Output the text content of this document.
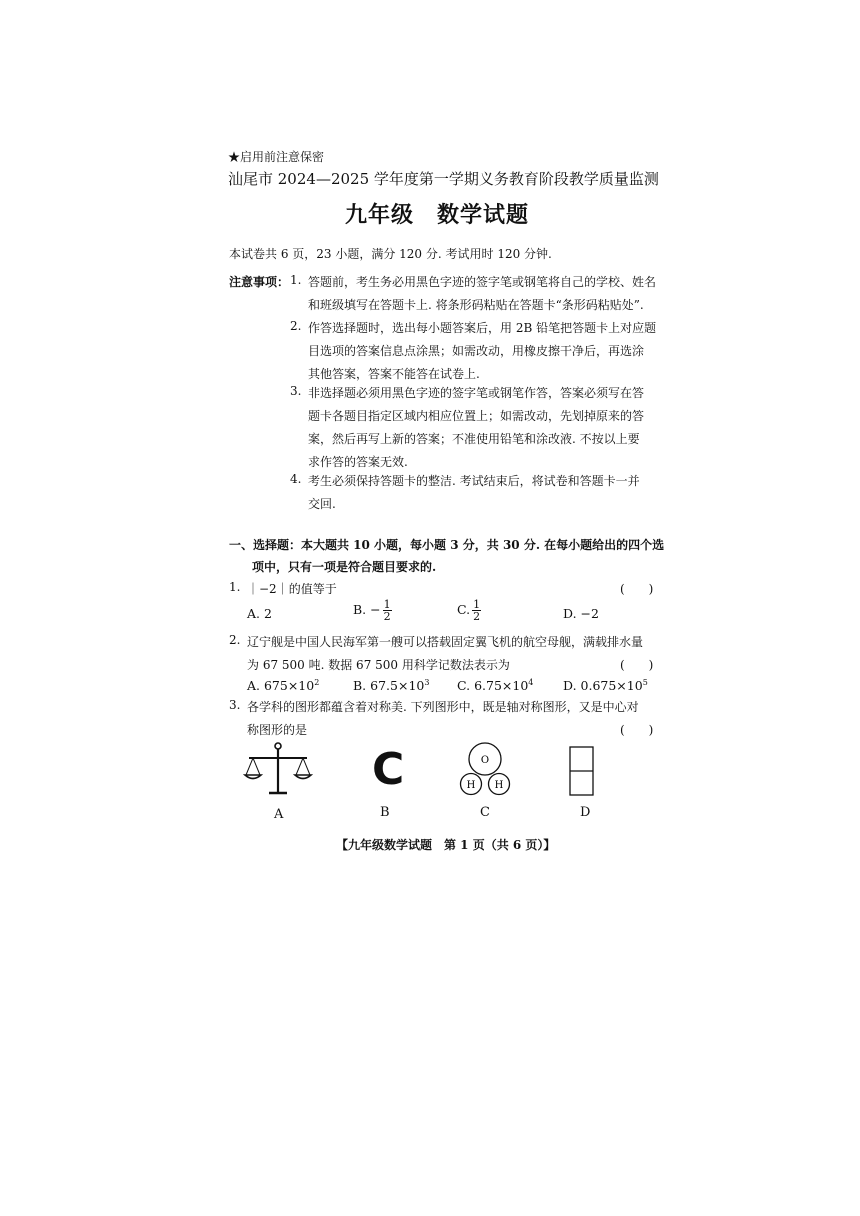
★启用前注意保密
汕尾市 2024—2025 学年度第一学期义务教育阶段教学质量监测
九年级　数学试题
本试卷共 6 页，23 小题，满分 120 分. 考试用时 120 分钟.
注意事项： 1. 答题前，考生务必用黑色字迹的签字笔或钢笔将自己的学校、姓名
和班级填写在答题卡上. 将条形码粘贴在答题卡“条形码粘贴处”.
2. 作答选择题时，选出每小题答案后，用 2B 铅笔把答题卡上对应题
目选项的答案信息点涂黑；如需改动，用橡皮擦干净后，再选涂
其他答案，答案不能答在试卷上.
3. 非选择题必须用黑色字迹的签字笔或钢笔作答，答案必须写在答
题卡各题目指定区域内相应位置上；如需改动，先划掉原来的答
案，然后再写上新的答案；不准使用铅笔和涂改液. 不按以上要
求作答的答案无效.
4. 考生必须保持答题卡的整洁. 考试结束后，将试卷和答题卡一并
交回.
一、选择题：本大题共 10 小题，每小题 3 分，共 30 分. 在每小题给出的四个选
项中，只有一项是符合题目要求的.
1. ｜−2｜的值等于	(　　)
A. 2	B. − $\frac{1}{2}$	C. $\frac{1}{2}$	D. −2
2. 辽宁舰是中国人民海军第一艘可以搭载固定翼飞机的航空母舰，满载排水量
为 67 500 吨. 数据 67 500 用科学记数法表示为	(　　)
A. $675\times 10^2$	B. $67.5\times 10^3$ C. $6.75\times 10^4$ D. $0.675\times 10^5$
3. 各学科的图形都蕴含着对称美. 下列图形中，既是轴对称图形，又是中心对
称图形的是	(　　)
C	O
H H
A	B	C	D
【九年级数学试题　第 1 页（共 6 页）】
